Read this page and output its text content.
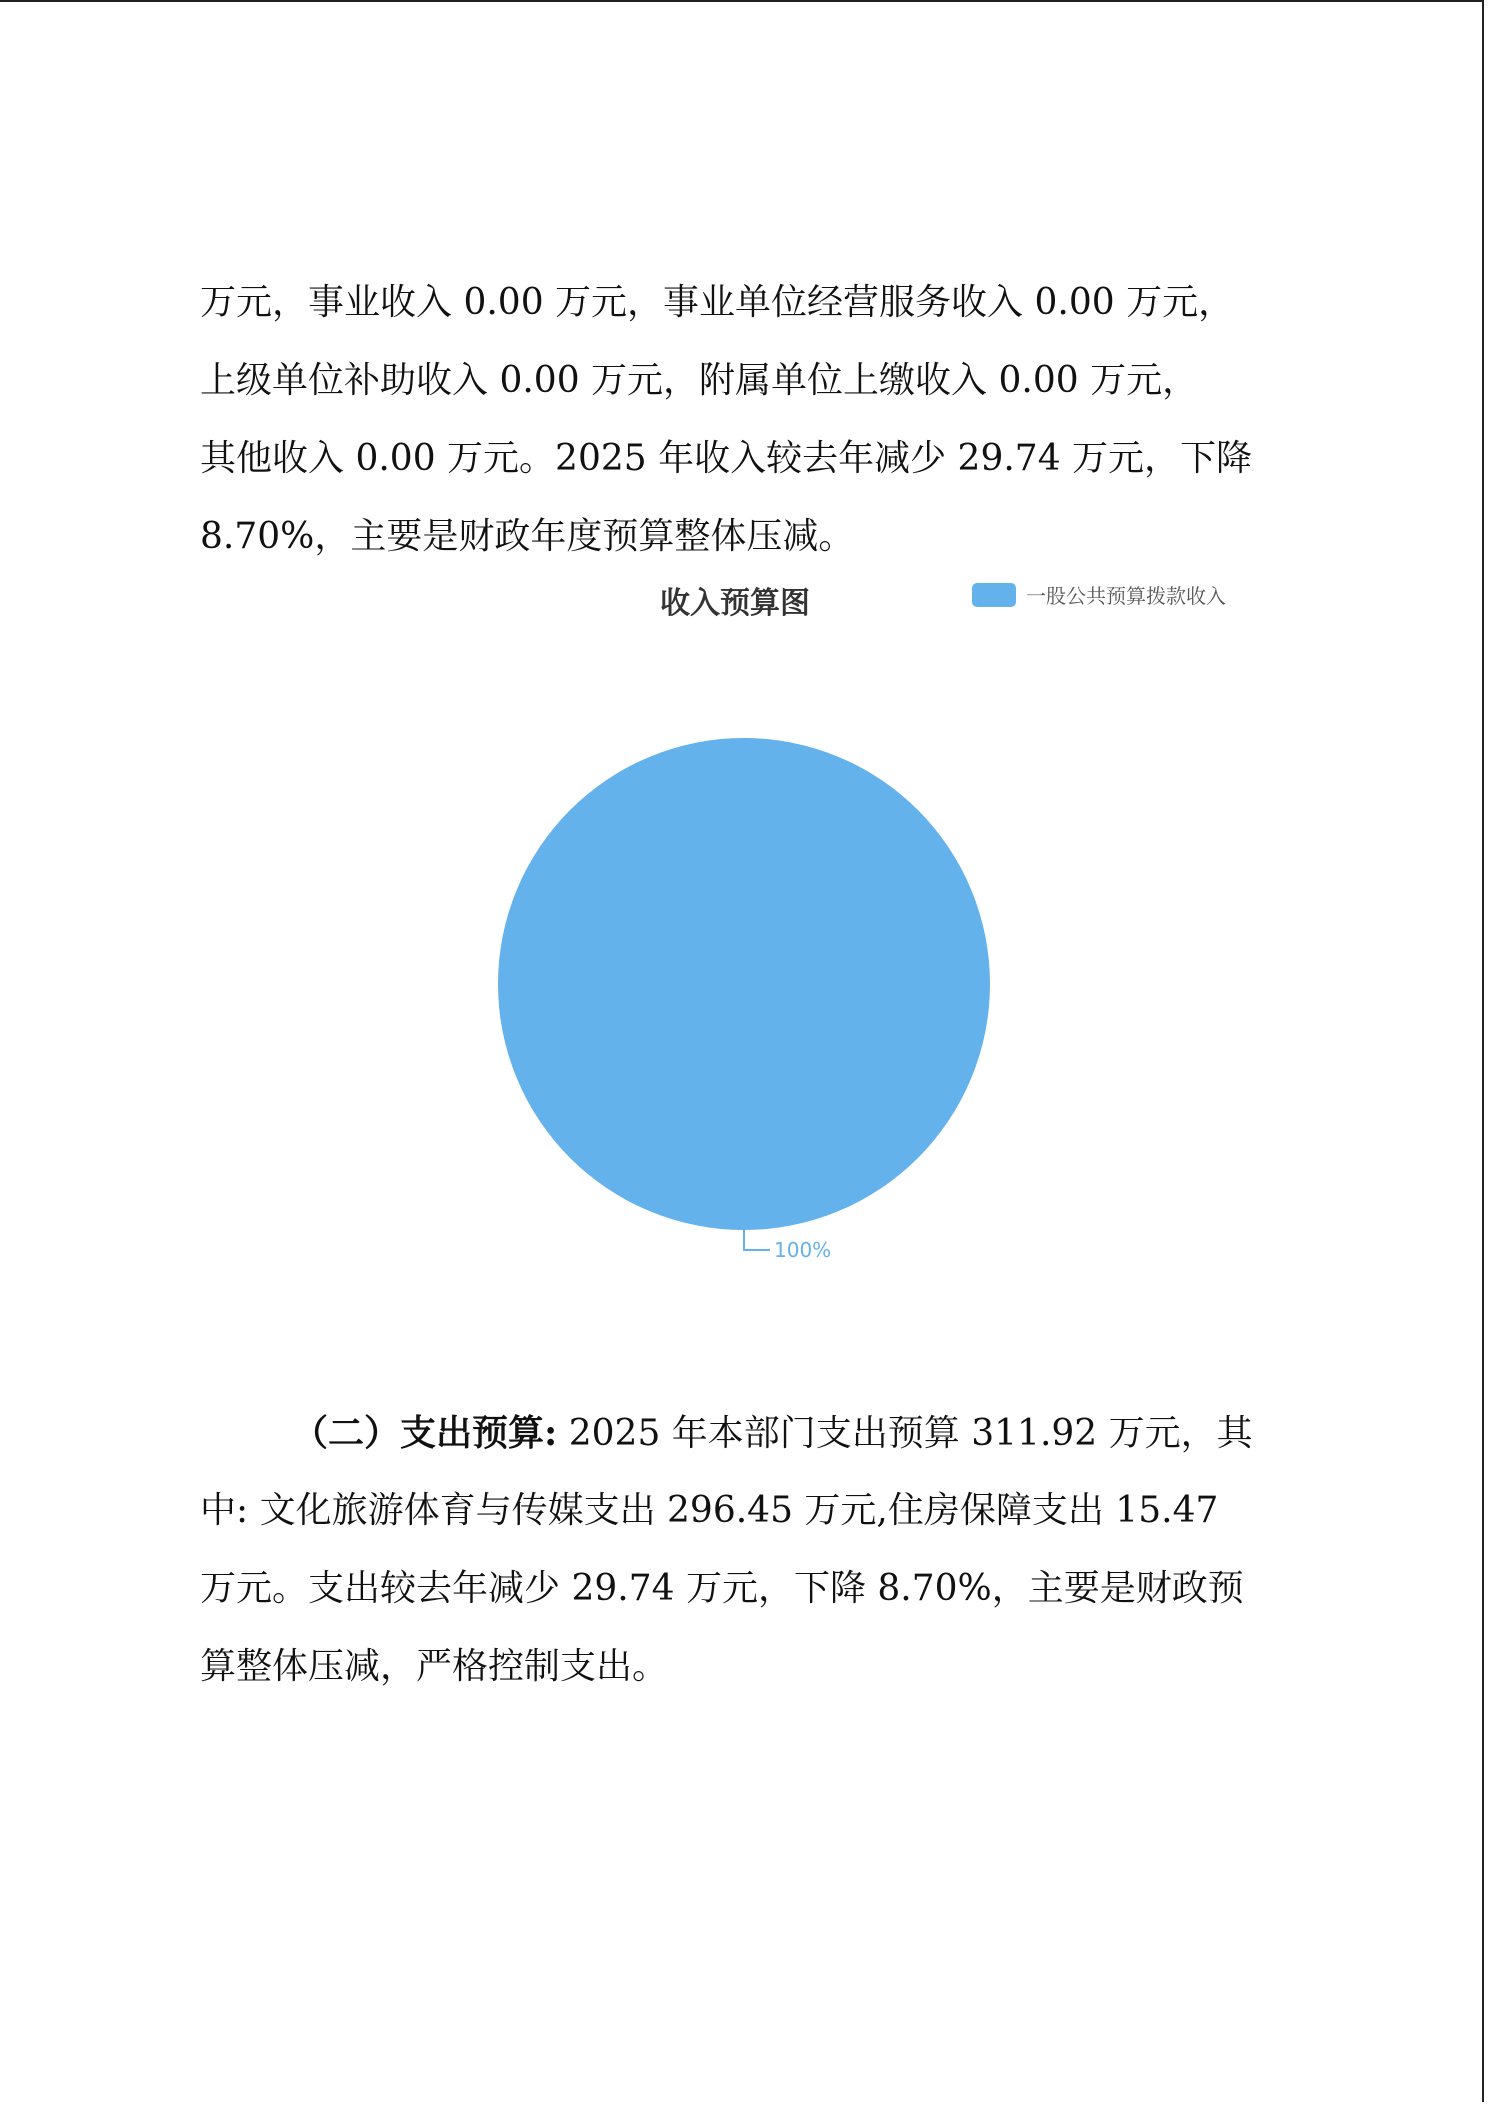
万元，事业收入 0.00 万元，事业单位经营服务收入 0.00 万元，
上级单位补助收入 0.00 万元，附属单位上缴收入 0.00 万元，
其他收入 0.00 万元。2025 年收入较去年减少 29.74 万元，下降
8.70%，主要是财政年度预算整体压减。
100%
收入预算图	一股公共预算拨款收入
（二）支出预算: 2025 年本部门支出预算 311.92 万元，其
中: 文化旅游体育与传媒支出 296.45 万元,住房保障支出 15.47
万元。支出较去年减少 29.74 万元，下降 8.70%，主要是财政预
算整体压减，严格控制支出。
